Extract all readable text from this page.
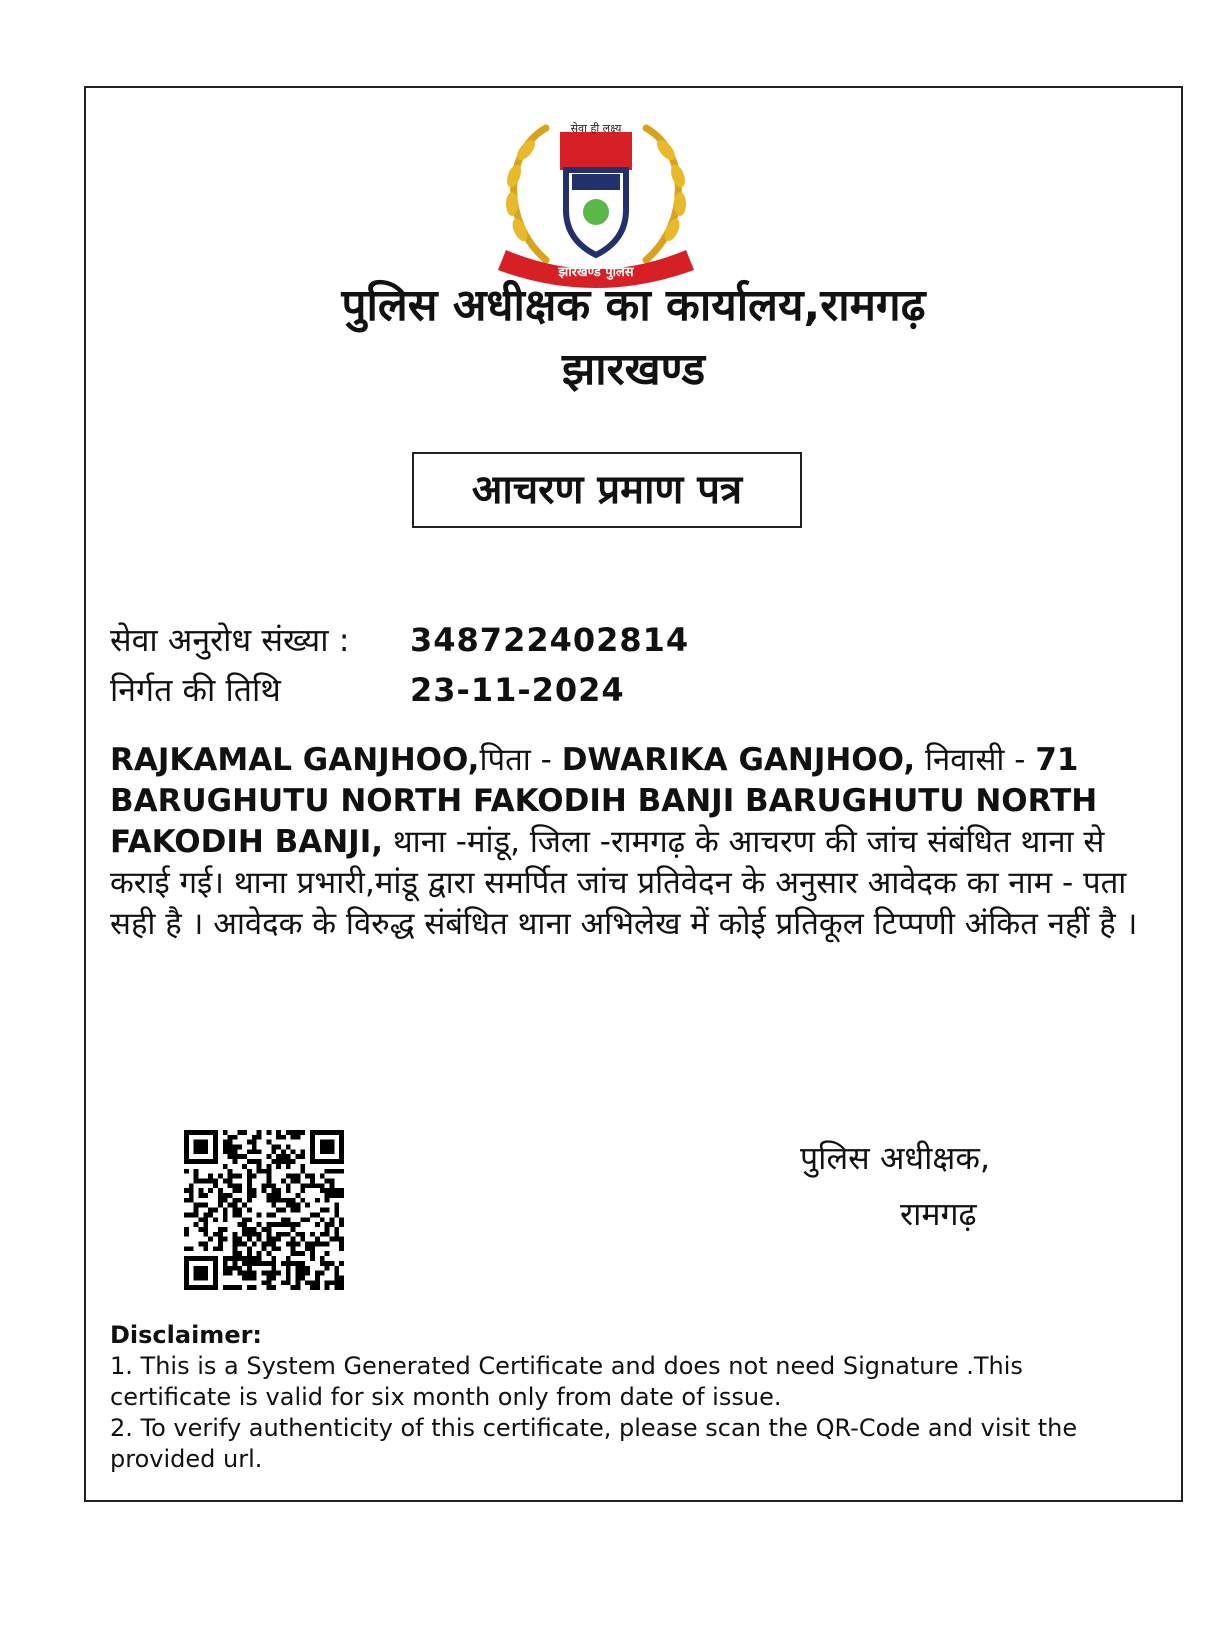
सेवा ही लक्ष्य
झारखण्ड पुलिस
पुलिस अधीक्षक का कार्यालय,रामगढ़
झारखण्ड
आचरण प्रमाण पत्र
सेवा अनुरोध संख्या : 348722402814
निर्गत की तिथि	23-11-2024
RAJKAMAL GANJHOO,पिता - DWARIKA GANJHOO, निवासी - 71 BARUGHUTU NORTH FAKODIH BANJI BARUGHUTU NORTH FAKODIH BANJI, थाना -मांडू, जिला -रामगढ़ के आचरण की जांच संबंधित थाना से कराई गई। थाना प्रभारी,मांडू द्वारा समर्पित जांच प्रतिवेदन के अनुसार आवेदक का नाम - पता सही है । आवेदक के विरुद्ध संबंधित थाना अभिलेख में कोई प्रतिकूल टिप्पणी अंकित नहीं है ।
पुलिस अधीक्षक,
रामगढ़
Disclaimer:
1. This is a System Generated Certificate and does not need Signature .This certificate is valid for six month only from date of issue.
2. To verify authenticity of this certificate, please scan the QR-Code and visit the provided url.
